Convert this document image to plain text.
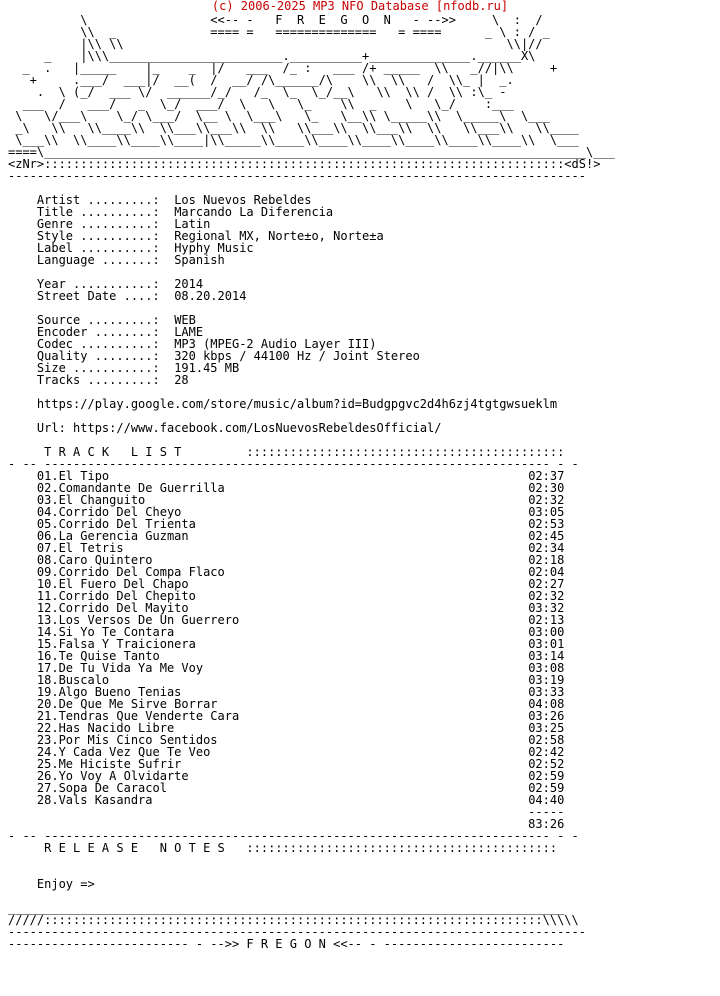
(c) 2006-2025 MP3 NFO Database [nfodb.ru]
\                 <<-- -   F  R  E  G  O  N   - -->>     \  :  /
\\  _             ==== =   ==============   = ====      _ \ : / _
|\\ \\                                                     \\|//
_    |\\\________________________.__________+______________.______X\
_  .   |_____    |_    _  |/   ___  /_ :   ___ /+ _____  \\   _//|\\     +
+     .___/  ___|/  __(  /  __/ /\______/\    \\  \\   /  \\_ |  _.
.  \ (_/  ___ \/  ______/_/   /_  \_  \_/__\   \\  \\ /  \\ :\_ -
___  /   ___/   _  \_/  ___/  \   \   \_    \\  _    \   \_/    :___
\   \/___\    \_/ \___/  \__ \  \___\   \_   \__\\ \_____\\  \_____\  \___
_\   \\   \\____\\  \\___\\___\\  \\   \\___\\  \\___\\  \\   \\___\\   \\____
\___\\  \\____\\____\\____|\\_____\\____\\____\\____\\____\\____\\____\\  \___
====\___________________________________________________________________________\___
<zNr>::::::::::::::::::::::::::::::::::::::::::::::::::::::::::::::::::::::::<dS!>
--------------------------------------------------------------------------------

Artist .........:  Los Nuevos Rebeldes
Title ..........:  Marcando La Diferencia
Genre ..........:  Latin
Style ..........:  Regional MX, Norte±o, Norte±a
Label ..........:  Hyphy Music
Language .......:  Spanish

Year ...........:  2014
Street Date ....:  08.20.2014

Source .........:  WEB
Encoder ........:  LAME
Codec ..........:  MP3 (MPEG-2 Audio Layer III)
Quality ........:  320 kbps / 44100 Hz / Joint Stereo
Size ...........:  191.45 MB
Tracks .........:  28

https://play.google.com/store/music/album?id=Budgpgvc2d4h6zj4tgtgwsueklm

Url: https://www.facebook.com/LosNuevosRebeldesOfficial/

T R A C K   L I S T         ::::::::::::::::::::::::::::::::::::::::::::
- -- ---------------------------------------------------------------------- - -
01.El Tipo	02:37
02.Comandante De Guerrilla	02:30
03.El Changuito	02:32
04.Corrido Del Cheyo	03:05
05.Corrido Del Trienta	02:53
06.La Gerencia Guzman	02:45
07.El Tetris	02:34
08.Caro Quintero	02:18
09.Corrido Del Compa Flaco	02:04
10.El Fuero Del Chapo	02:27
11.Corrido Del Chepito	02:32
12.Corrido Del Mayito	03:32
13.Los Versos De Un Guerrero	02:13
14.Si Yo Te Contara	03:00
15.Falsa Y Traicionera	03:01
16.Te Quise Tanto	03:14
17.De Tu Vida Ya Me Voy	03:08
18.Buscalo	03:19
19.Algo Bueno Tenias	03:33
20.De Que Me Sirve Borrar	04:08
21.Tendras Que Venderte Cara	03:26
22.Has Nacido Libre	03:25
23.Por Mis Cinco Sentidos	02:58
24.Y Cada Vez Que Te Veo	02:42
25.Me Hiciste Sufrir	02:52
26.Yo Voy A Olvidarte	02:59
27.Sopa De Caracol	02:59
28.Vals Kasandra	04:40
-----
83:26
- -- ---------------------------------------------------------------------- - -
R E L E A S E   N O T E S   :::::::::::::::::::::::::::::::::::::::::::

Enjoy =>

_____________________________________________________________________________
/////:::::::::::::::::::::::::::::::::::::::::::::::::::::::::::::::::::::\\\\\
--------------------------------------------------------------------------------
------------------------- - -->> F R E G O N <<-- - -------------------------
